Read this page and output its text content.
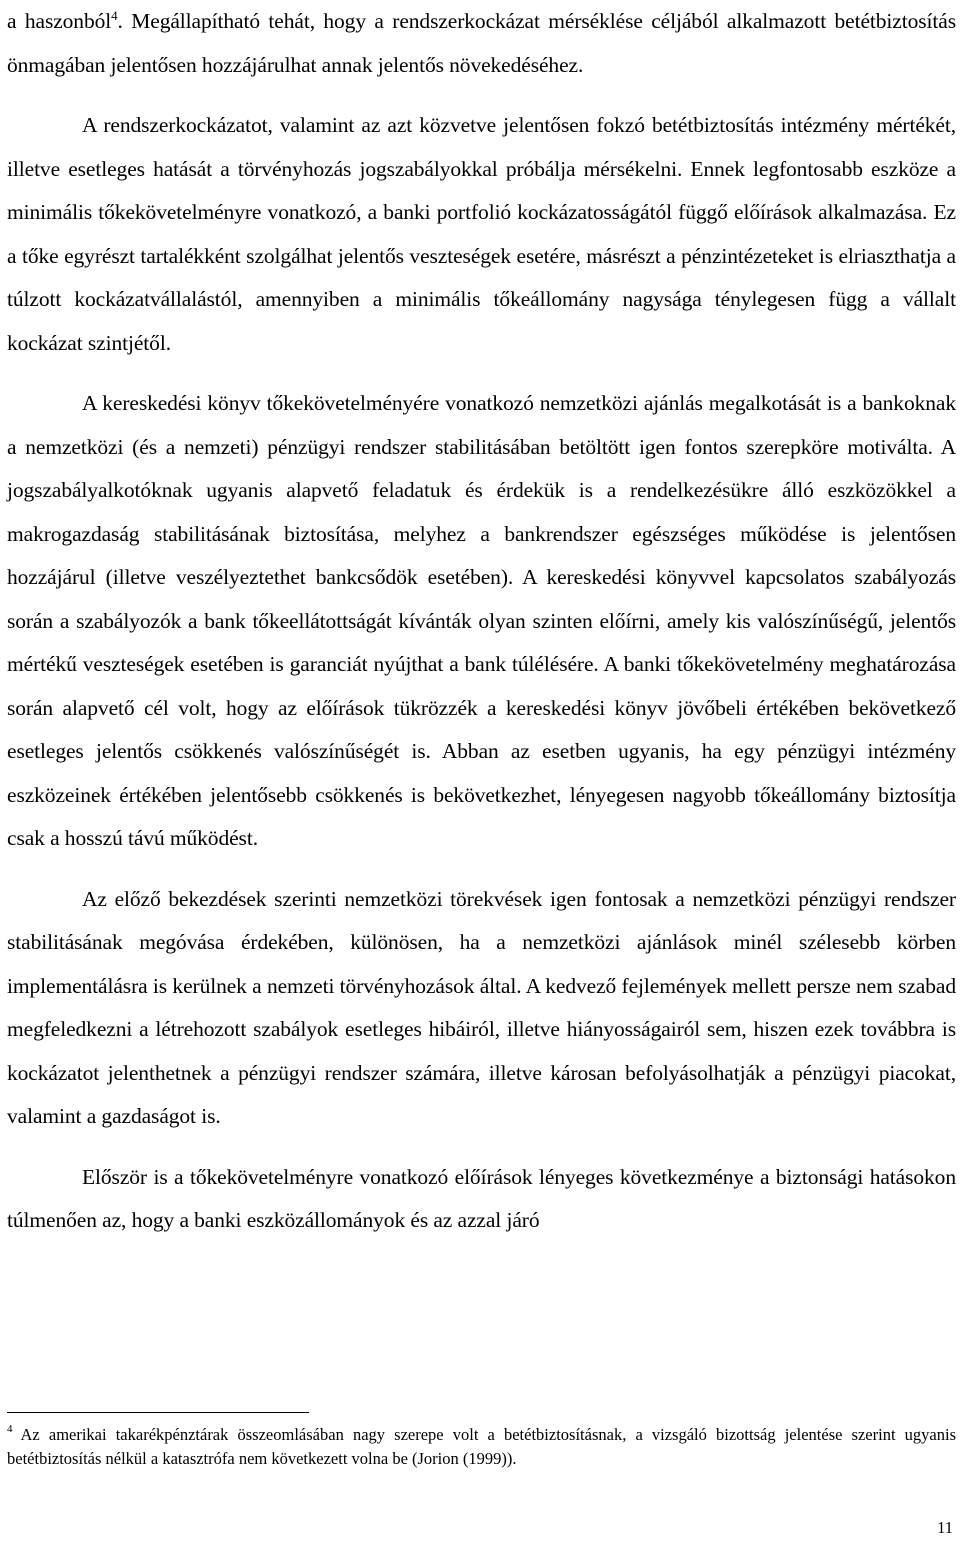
a haszonból$^4$. Megállapítható tehát, hogy a rendszerkockázat mérséklése céljából alkalmazott betétbiztosítás önmagában jelentősen hozzájárulhat annak jelentős növekedéséhez.

A rendszerkockázatot, valamint az azt közvetve jelentősen fokzó betétbiztosítás intézmény mértékét, illetve esetleges hatását a törvényhozás jogszabályokkal próbálja mérsékelni. Ennek legfontosabb eszköze a minimális tőkekövetelményre vonatkozó, a banki portfolió kockázatosságától függő előírások alkalmazása. Ez a tőke egyrészt tartalékként szolgálhat jelentős veszteségek esetére, másrészt a pénzintézeteket is elriaszthatja a túlzott kockázatvállalástól, amennyiben a minimális tőkeállomány nagysága ténylegesen függ a vállalt kockázat szintjétől.

A kereskedési könyv tőkekövetelményére vonatkozó nemzetközi ajánlás megalkotását is a bankoknak a nemzetközi (és a nemzeti) pénzügyi rendszer stabilitásában betöltött igen fontos szerepköre motiválta. A jogszabályalkotóknak ugyanis alapvető feladatuk és érdekük is a rendelkezésükre álló eszközökkel a makrogazdaság stabilitásának biztosítása, melyhez a bankrendszer egészséges működése is jelentősen hozzájárul (illetve veszélyeztethet bankcsődök esetében). A kereskedési könyvvel kapcsolatos szabályozás során a szabályozók a bank tőkeellátottságát kívánták olyan szinten előírni, amely kis valószínűségű, jelentős mértékű veszteségek esetében is garanciát nyújthat a bank túlélésére. A banki tőkekövetelmény meghatározása során alapvető cél volt, hogy az előírások tükrözzék a kereskedési könyv jövőbeli értékében bekövetkező esetleges jelentős csökkenés valószínűségét is. Abban az esetben ugyanis, ha egy pénzügyi intézmény eszközeinek értékében jelentősebb csökkenés is bekövetkezhet, lényegesen nagyobb tőkeállomány biztosítja csak a hosszú távú működést.

Az előző bekezdések szerinti nemzetközi törekvések igen fontosak a nemzetközi pénzügyi rendszer stabilitásának megóvása érdekében, különösen, ha a nemzetközi ajánlások minél szélesebb körben implementálásra is kerülnek a nemzeti törvényhozások által. A kedvező fejlemények mellett persze nem szabad megfeledkezni a létrehozott szabályok esetleges hibáiról, illetve hiányosságairól sem, hiszen ezek továbbra is kockázatot jelenthetnek a pénzügyi rendszer számára, illetve károsan befolyásolhatják a pénzügyi piacokat, valamint a gazdaságot is.

Először is a tőkekövetelményre vonatkozó előírások lényeges következménye a biztonsági hatásokon túlmenően az, hogy a banki eszközállományok és az azzal járó

$^4$ Az amerikai takarékpénztárak összeomlásában nagy szerepe volt a betétbiztosításnak, a vizsgáló bizottság jelentése szerint ugyanis betétbiztosítás nélkül a katasztrófa nem következett volna be (Jorion (1999)).

11
